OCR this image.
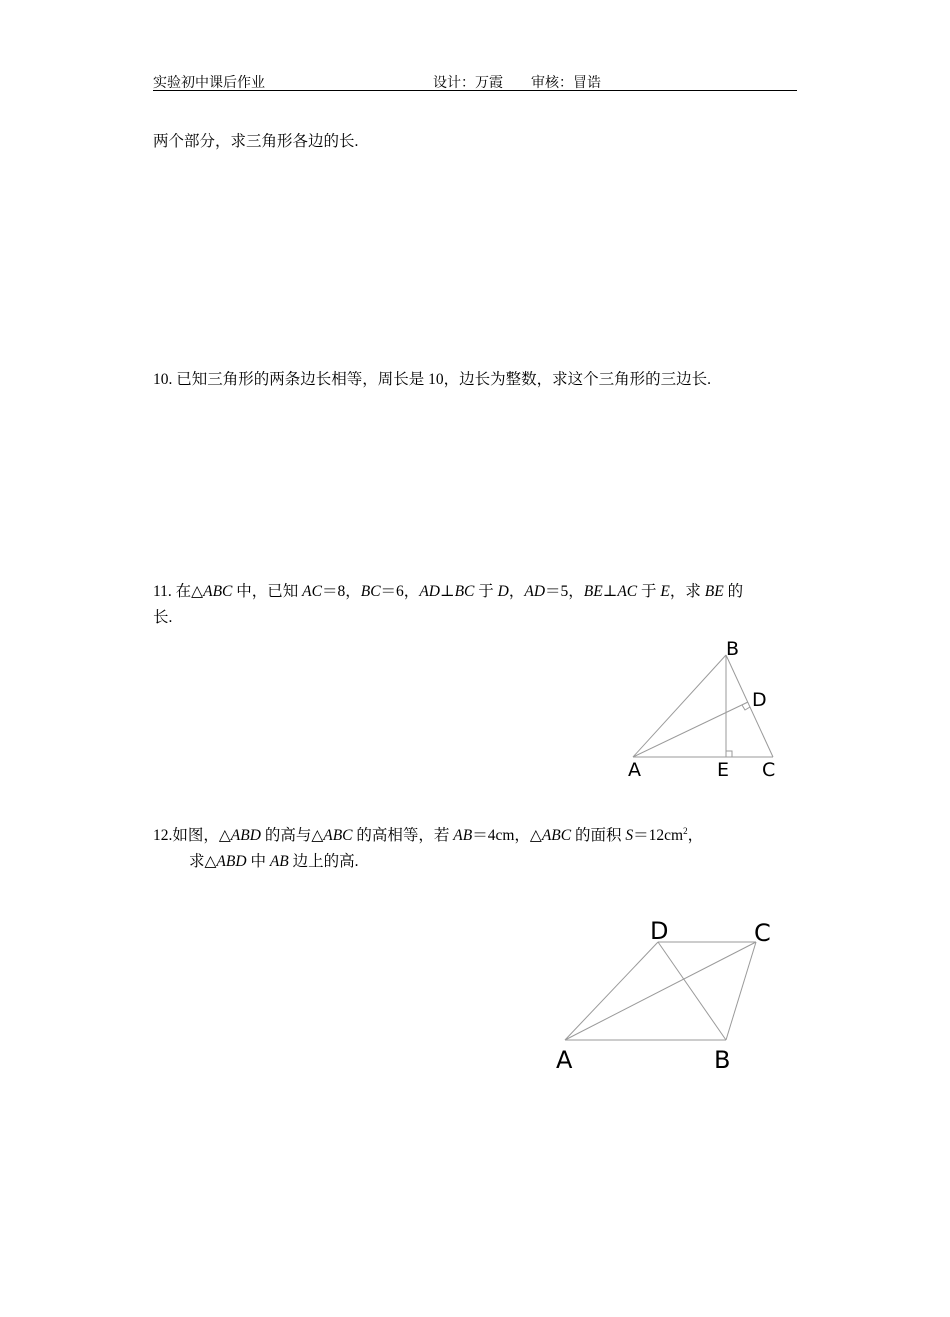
实验初中课后作业	设计：万霞 审核：冒诰
两个部分，求三角形各边的长.
10. 已知三角形的两条边长相等，周长是 10，边长为整数，求这个三角形的三边长.
11. 在△ABC 中，已知 AC＝8，BC＝6，AD⊥BC 于 D，AD＝5，BE⊥AC 于 E，求 BE 的
长.
B
D
A	E C
12.如图，△ABD 的高与△ABC 的高相等，若 AB＝4cm，△ABC 的面积 $S=12cm^2$，
求△ABD 中 AB 边上的高.
D	C
A	B
